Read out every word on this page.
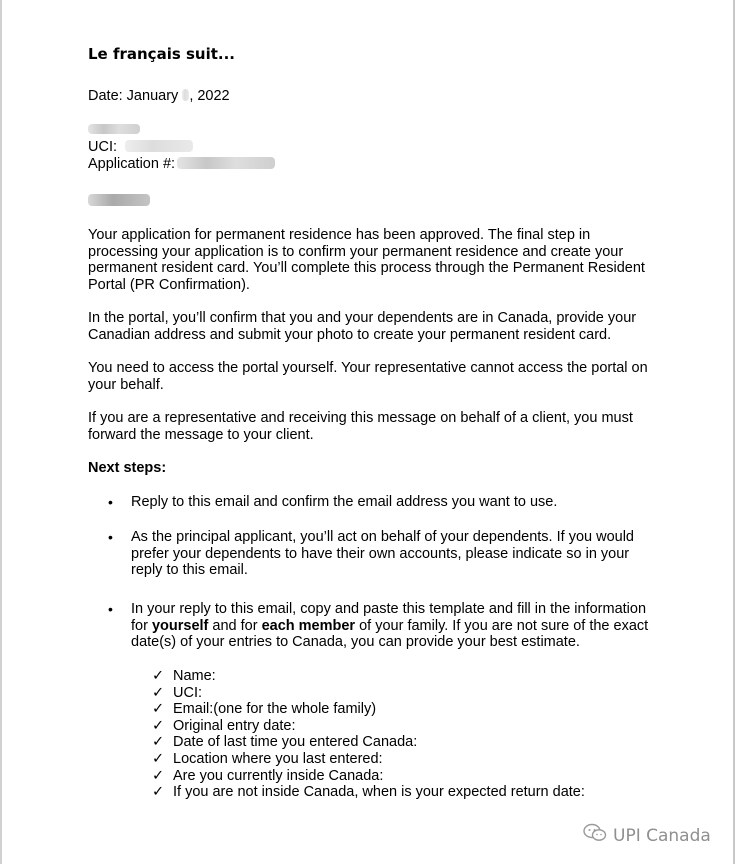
Le français suit...
Date: January , 2022
UCI:
Application #:
Your application for permanent residence has been approved. The final step in processing your application is to confirm your permanent residence and create your permanent resident card. You’ll complete this process through the Permanent Resident Portal (PR Confirmation).
In the portal, you’ll confirm that you and your dependents are in Canada, provide your Canadian address and submit your photo to create your permanent resident card.
You need to access the portal yourself. Your representative cannot access the portal on your behalf.
If you are a representative and receiving this message on behalf of a client, you must forward the message to your client.
Next steps:
• Reply to this email and confirm the email address you want to use.
• As the principal applicant, you’ll act on behalf of your dependents. If you would prefer your dependents to have their own accounts, please indicate so in your reply to this email.
• In your reply to this email, copy and paste this template and fill in the information for yourself and for each member of your family. If you are not sure of the exact date(s) of your entries to Canada, you can provide your best estimate.
✓ Name:
✓ UCI:
✓ Email:(one for the whole family)
✓ Original entry date:
✓ Date of last time you entered Canada:
✓ Location where you last entered:
✓ Are you currently inside Canada:
✓ If you are not inside Canada, when is your expected return date:
UPI Canada
